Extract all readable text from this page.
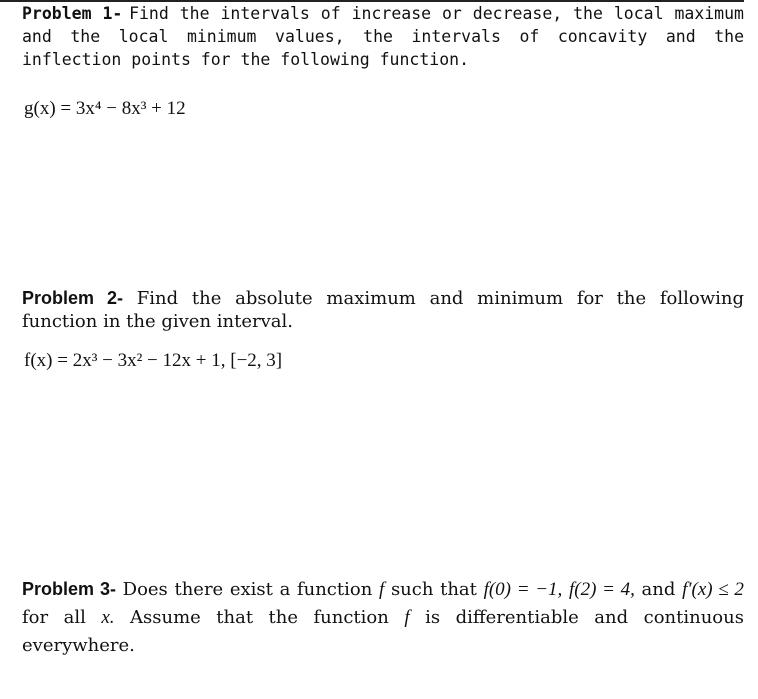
Problem 1- Find the intervals of increase or decrease, the local maximum and the local minimum values, the intervals of concavity and the inflection points for the following function.
g(x) = 3x⁴ − 8x³ + 12
Problem 2- Find the absolute maximum and minimum for the following function in the given interval.
f(x) = 2x³ − 3x² − 12x + 1, [−2, 3]
Problem 3- Does there exist a function f such that f(0) = −1, f(2) = 4, and f′(x) ≤ 2 for all x. Assume that the function f is differentiable and continuous everywhere.
